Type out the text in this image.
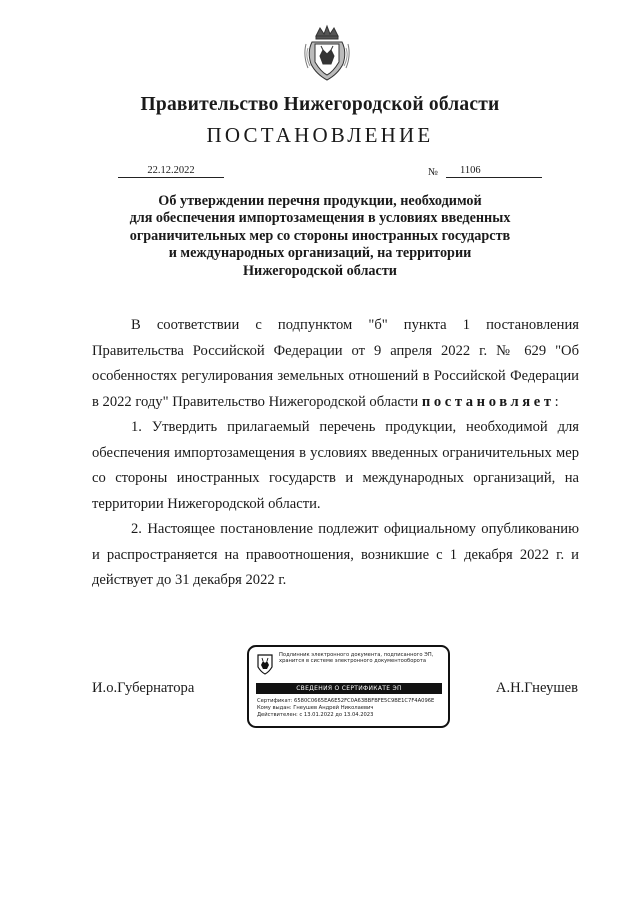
Правительство Нижегородской области
ПОСТАНОВЛЕНИЕ
22.12.2022	№	1106
Об утверждении перечня продукции, необходимой
для обеспечения импортозамещения в условиях введенных
ограничительных мер со стороны иностранных государств
и международных организаций, на территории
Нижегородской области

В соответствии с подпунктом "б" пункта 1 постановления Правительства Российской Федерации от 9 апреля 2022 г. № 629 "Об особенностях регулирования земельных отношений в Российской Федерации в 2022 году" Правительство Нижегородской области постановляет:

1. Утвердить прилагаемый перечень продукции, необходимой для обеспечения импортозамещения в условиях введенных ограничительных мер со стороны иностранных государств и международных организаций, на территории Нижегородской области.

2. Настоящее постановление подлежит официальному опубликованию и распространяется на правоотношения, возникшие с 1 декабря 2022 г. и действует до 31 декабря 2022 г.

И.о.Губернатора	А.Н.Гнеушев
Подлинник электронного документа, подписанного ЭП,
хранится в системе электронного документооборота
СВЕДЕНИЯ О СЕРТИФИКАТЕ ЭП
Сертификат: 6580C0665EA6E52FC0A63BBFBFE5C9BE1C7F4A096E
Кому выдан: Гнеушев Андрей Николаевич
Действителен: с 13.01.2022 до 13.04.2023
